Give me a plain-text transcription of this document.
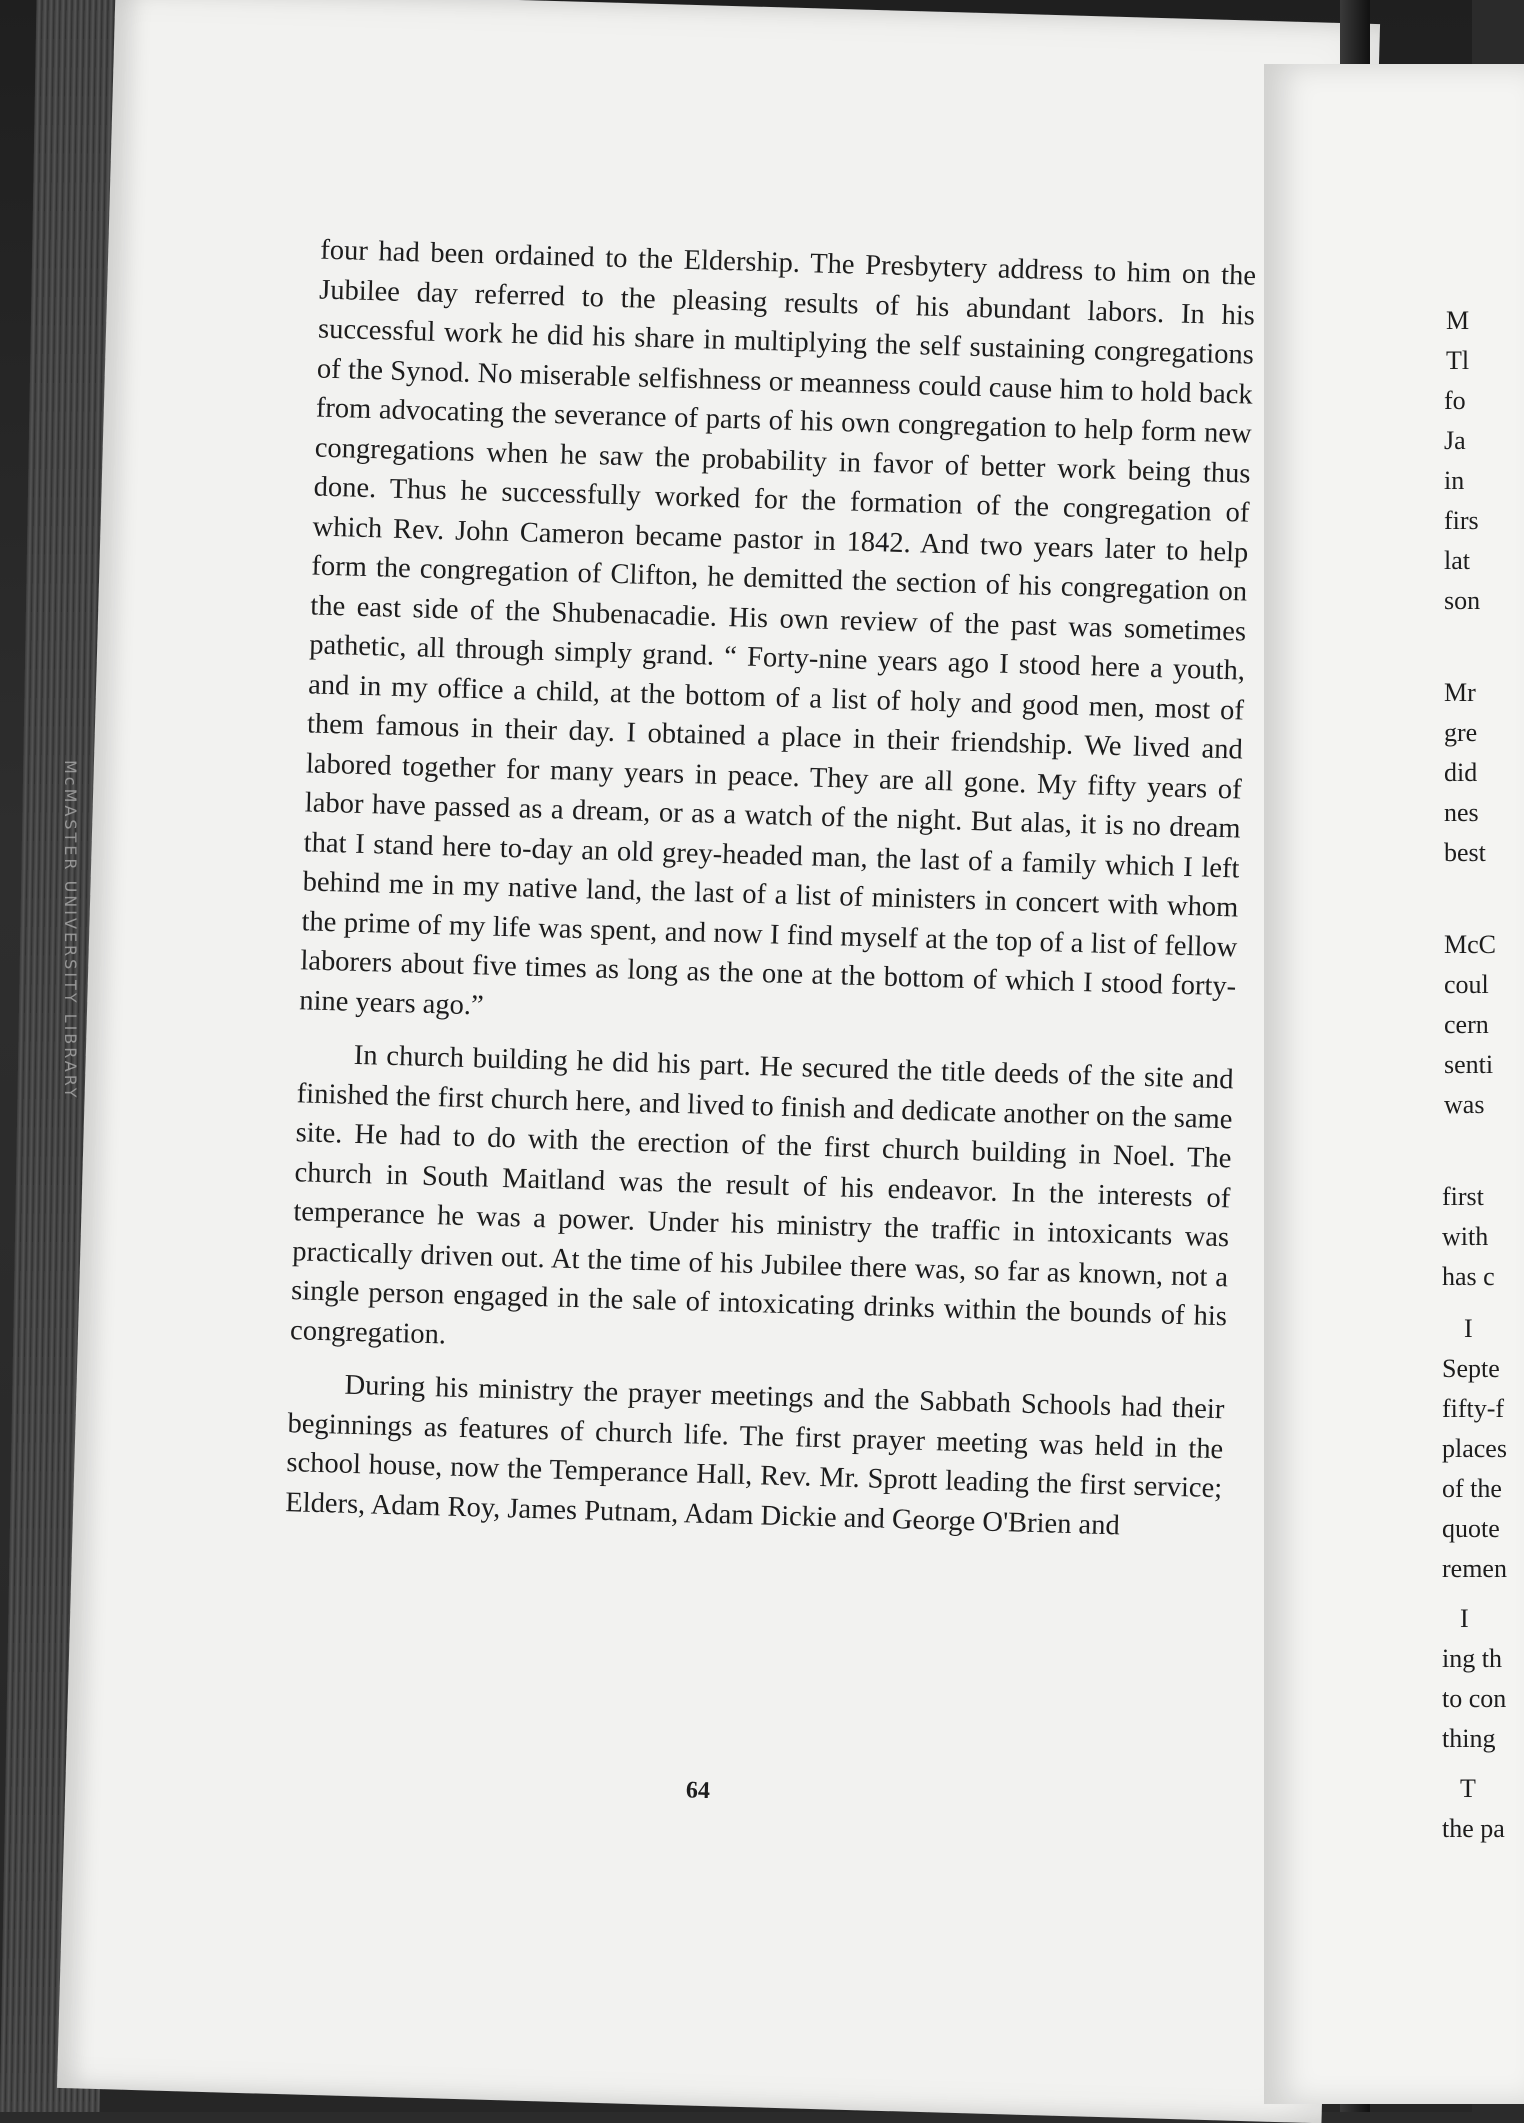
McMASTER UNIVERSITY LIBRARY

four had been ordained to the Eldership. The Presbytery address to him on the Jubilee day referred to the pleasing results of his abundant labors. In his successful work he did his share in multiplying the self sustaining congregations of the Synod. No miserable selfishness or meanness could cause him to hold back from advocating the severance of parts of his own congregation to help form new congregations when he saw the probability in favor of better work being thus done. Thus he successfully worked for the formation of the congregation of which Rev. John Cameron became pastor in 1842. And two years later to help form the congregation of Clifton, he demitted the section of his congregation on the east side of the Shubenacadie. His own review of the past was sometimes pathetic, all through simply grand. “ Forty-nine years ago I stood here a youth, and in my office a child, at the bottom of a list of holy and good men, most of them famous in their day. I obtained a place in their friendship. We lived and labored together for many years in peace. They are all gone. My fifty years of labor have passed as a dream, or as a watch of the night. But alas, it is no dream that I stand here to-day an old grey-headed man, the last of a family which I left behind me in my native land, the last of a list of ministers in concert with whom the prime of my life was spent, and now I find myself at the top of a list of fellow laborers about five times as long as the one at the bottom of which I stood forty-nine years ago.”

In church building he did his part. He secured the title deeds of the site and finished the first church here, and lived to finish and dedicate another on the same site. He had to do with the erection of the first church building in Noel. The church in South Maitland was the result of his endeavor. In the interests of temperance he was a power. Under his ministry the traffic in intoxicants was practically driven out. At the time of his Jubilee there was, so far as known, not a single person engaged in the sale of intoxicating drinks within the bounds of his congregation.

During his ministry the prayer meetings and the Sabbath Schools had their beginnings as features of church life. The first prayer meeting was held in the school house, now the Temperance Hall, Rev. Mr. Sprott leading the first service; Elders, Adam Roy, James Putnam, Adam Dickie and George O'Brien and

64
M
Tl
fo
Ja
in
firs
lat
son
Mr
gre
did
nes
best
McC
coul
cern
senti
was
first
with
has c
I
Septe
fifty-f
places
of the
quote
remen
I
ing th
to con
thing
T
the pa
